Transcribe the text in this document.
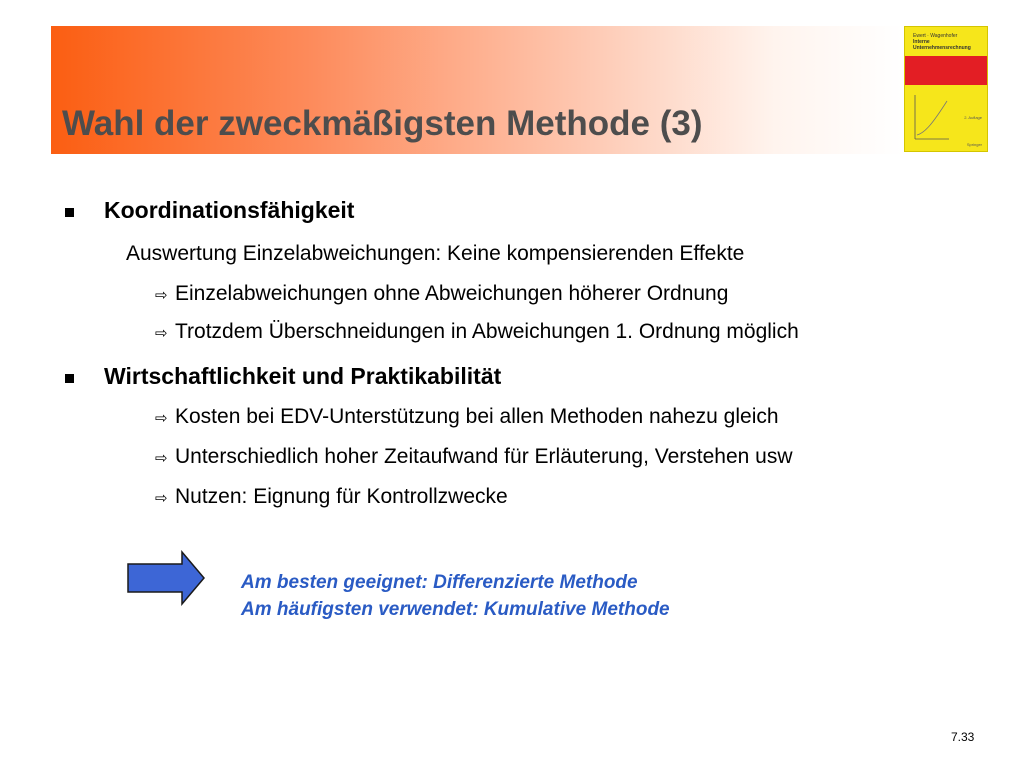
Wahl der zweckmäßigsten Methode (3)
Ewert · Wagenhofer
Interne
Unternehmensrechnung
2. Auflage
Springer
Koordinationsfähigkeit
Auswertung Einzelabweichungen: Keine kompensierenden Effekte
⇨ Einzelabweichungen ohne Abweichungen höherer Ordnung
⇨ Trotzdem Überschneidungen in Abweichungen 1. Ordnung möglich
Wirtschaftlichkeit und Praktikabilität
⇨ Kosten bei EDV-Unterstützung bei allen Methoden nahezu gleich
⇨ Unterschiedlich hoher Zeitaufwand für Erläuterung, Verstehen usw
⇨ Nutzen: Eignung für Kontrollzwecke
Am besten geeignet: Differenzierte Methode
Am häufigsten verwendet: Kumulative Methode
7.33
